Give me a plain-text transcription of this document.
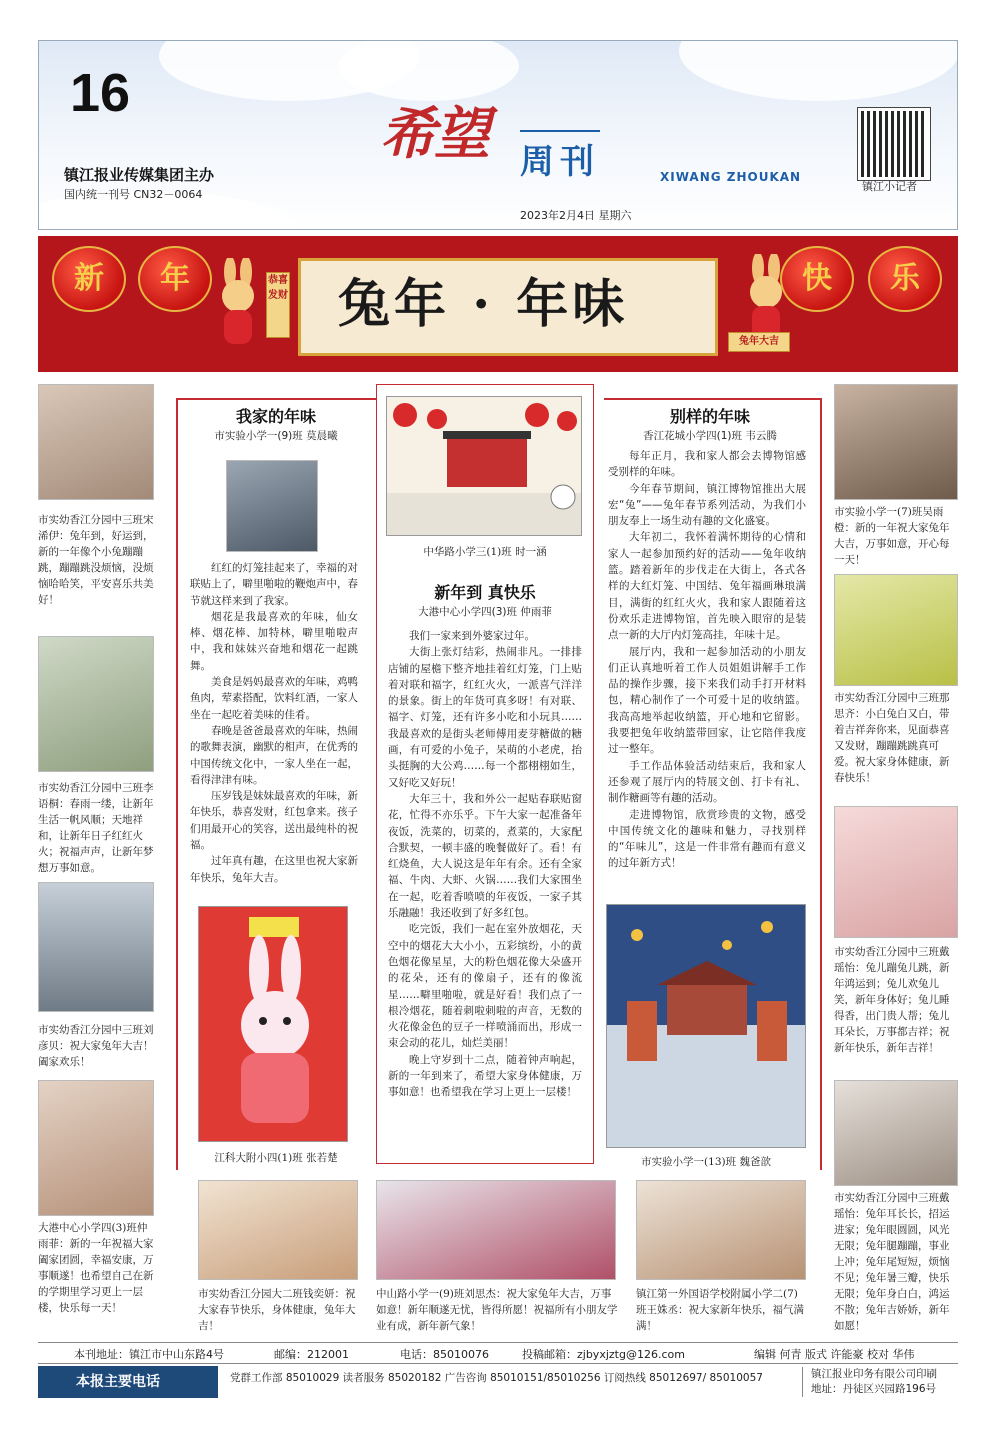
16
镇江报业传媒集团主办
国内统一刊号 CN32－0064
希望 周刊	XIWANG ZHOUKAN
2023年2月4日 星期六
镇江小记者
新	年	快	乐
恭喜发财
兔年大吉
兔年 · 年味
市实幼香江分园中三班宋浠伊：兔年到，好运到，新的一年像个小兔蹦蹦跳，蹦蹦跳没烦恼，没烦恼哈哈笑，平安喜乐共美好！
市实幼香江分园中三班李语桐：春雨一缕，让新年生活一帆风顺；天地祥和，让新年日子红红火火；祝福声声，让新年梦想万事如意。
市实幼香江分园中三班刘彦贝：祝大家兔年大吉！阖家欢乐！
大港中心小学四(3)班仲雨菲：新的一年祝福大家阖家团圆，幸福安康，万事顺遂！也希望自己在新的学期里学习更上一层楼，快乐每一天！
我家的年味
市实验小学一(9)班 莫晨曦

红红的灯笼挂起来了，幸福的对联贴上了，噼里啪啦的鞭炮声中，春节就这样来到了我家。

烟花是我最喜欢的年味，仙女棒、烟花棒、加特林，噼里啪啦声中，我和妹妹兴奋地和烟花一起跳舞。

美食是妈妈最喜欢的年味，鸡鸭鱼肉，荤素搭配，饮料红酒，一家人坐在一起吃着美味的佳肴。

春晚是爸爸最喜欢的年味，热闹的歌舞表演，幽默的相声，在优秀的中国传统文化中，一家人坐在一起，看得津津有味。

压岁钱是妹妹最喜欢的年味，新年快乐，恭喜发财，红包拿来。孩子们用最开心的笑容，送出最纯朴的祝福。

过年真有趣，在这里也祝大家新年快乐，兔年大吉。

江科大附小四(1)班 张若楚
中华路小学三(1)班 时一涵
新年到 真快乐
大港中心小学四(3)班 仲雨菲

我们一家来到外婆家过年。

大街上张灯结彩，热闹非凡。一排排店铺的屋檐下整齐地挂着红灯笼，门上贴着对联和福字，红红火火，一派喜气洋洋的景象。街上的年货可真多呀！有对联、福字、灯笼，还有许多小吃和小玩具……我最喜欢的是街头老师傅用麦芽糖做的糖画，有可爱的小兔子，呆萌的小老虎，抬头挺胸的大公鸡……每一个都栩栩如生，又好吃又好玩！

大年三十，我和外公一起贴春联贴窗花，忙得不亦乐乎。下午大家一起准备年夜饭，洗菜的，切菜的，煮菜的，大家配合默契，一顿丰盛的晚餐做好了。看！有红烧鱼，大人说这是年年有余。还有全家福、牛肉、大虾、火锅……我们大家围坐在一起，吃着香喷喷的年夜饭，一家子其乐融融！我还收到了好多红包。

吃完饭，我们一起在室外放烟花，天空中的烟花大大小小，五彩缤纷，小的黄色烟花像星星，大的粉色烟花像大朵盛开的花朵，还有的像扇子，还有的像流星……噼里啪啦，就是好看！我们点了一根冷烟花，随着刺啦刺啦的声音，无数的火花像金色的豆子一样喷涌而出，形成一束会动的花儿，灿烂美丽！

晚上守岁到十二点，随着钟声响起，新的一年到来了，希望大家身体健康，万事如意！也希望我在学习上更上一层楼！

别样的年味
香江花城小学四(1)班 韦云腾

每年正月，我和家人都会去博物馆感受别样的年味。

今年春节期间，镇江博物馆推出大展宏“兔”——兔年春节系列活动，为我们小朋友奉上一场生动有趣的文化盛宴。

大年初二，我怀着满怀期待的心情和家人一起参加预约好的活动——兔年收纳篮。踏着新年的步伐走在大街上，各式各样的大红灯笼、中国结、兔年福画琳琅满目，满街的红红火火，我和家人跟随着这份欢乐走进博物馆，首先映入眼帘的是装点一新的大厅内灯笼高挂，年味十足。

展厅内，我和一起参加活动的小朋友们正认真地听着工作人员姐姐讲解手工作品的操作步骤，接下来我们动手打开材料包，精心制作了一个可爱十足的收纳篮。我高高地举起收纳篮，开心地和它留影。我要把兔年收纳篮带回家，让它陪伴我度过一整年。

手工作品体验活动结束后，我和家人还参观了展厅内的特展文创、打卡有礼、制作糖画等有趣的活动。

走进博物馆，欣赏珍贵的文物，感受中国传统文化的趣味和魅力，寻找别样的“年味儿”，这是一件非常有趣而有意义的过年新方式！

市实验小学一(13)班 魏爸歆
市实验小学一(7)班吴雨橙：新的一年祝大家兔年大吉，万事如意，开心每一天！
市实幼香江分园中三班那思齐：小白兔白又白，带着吉祥奔你来，见面恭喜又发财，蹦蹦跳跳真可爱。祝大家身体健康，新春快乐！
市实幼香江分园中三班戴瑶怡：兔儿蹦兔儿跳，新年鸿运到；兔儿欢兔儿笑，新年身体好；兔儿睡得香，出门贵人帮；兔儿耳朵长，万事都吉祥；祝新年快乐，新年吉祥！
市实幼香江分园中三班戴瑶怡：兔年耳长长，招运进家；兔年眼圆圆，风光无限；兔年腿蹦蹦，事业上冲；兔年尾短短，烦恼不见；兔年暑三瓣，快乐无限；兔年身白白，鸿运不散；兔年吉娇娇，新年如愿！
市实幼香江分园大二班钱奕妍：祝大家春节快乐，身体健康，兔年大吉！
中山路小学一(9)班刘思杰：祝大家兔年大吉，万事如意！新年顺遂无忧，皆得所愿！祝福所有小朋友学业有成，新年新气象！
镇江第一外国语学校附属小学二(7)班王姝丞：祝大家新年快乐，福气满满！
本刊地址：镇江市中山东路4号	邮编：212001	电话：85010076	投稿邮箱：zjbyxjztg@126.com	编辑 何青 版式 许能豪 校对 华伟
本报主要电话	党群工作部 85010029 读者服务 85020182 广告咨询 85010151/85010256 订阅热线 85012697/ 85010057	镇江报业印务有限公司印刷
地址：丹徒区兴园路196号
